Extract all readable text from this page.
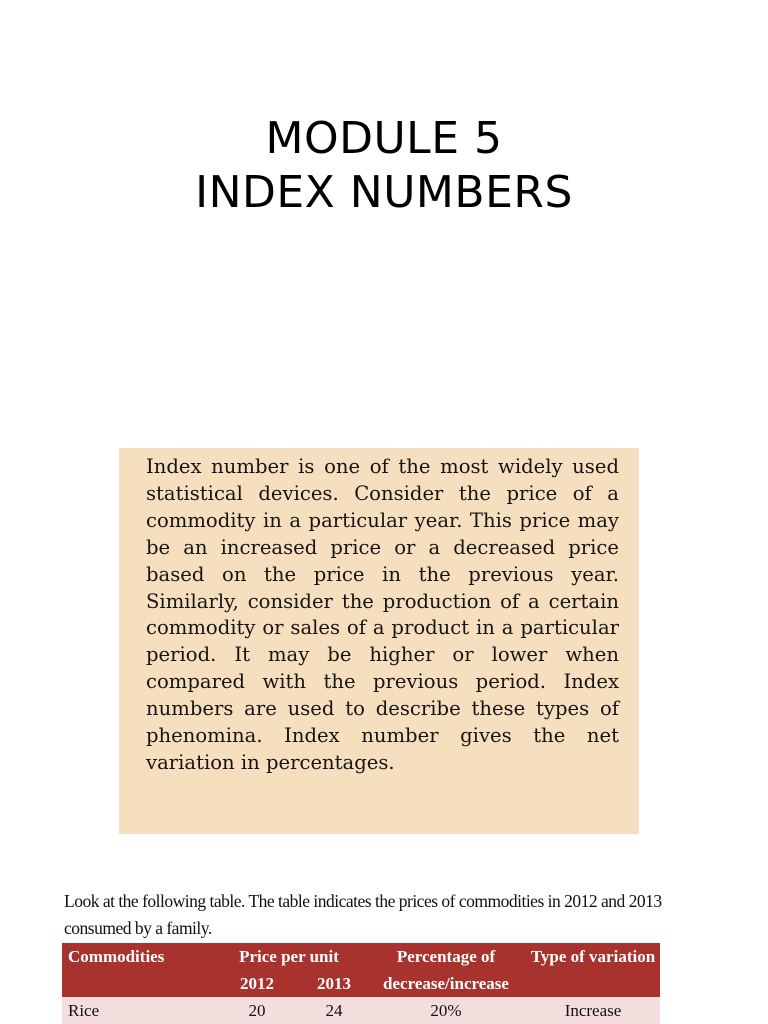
MODULE 5
INDEX NUMBERS

Index number is one of the most widely used statistical devices. Consider the price of a commodity in a particular year. This price may be an increased price or a decreased price based on the price in the previous year. Similarly, consider the production of a certain commodity or sales of a product in a particular period. It may be higher or lower when compared with the previous period. Index numbers are used to describe these types of phenomina. Index number gives the net variation in percentages.

Look at the following table. The table indicates the prices of commodities in 2012 and 2013 consumed by a family.
Commodities	Price per unit		Percentage of	Type of variation
	2012	2013	decrease/increase	
Rice	20	24	20%	Increase
